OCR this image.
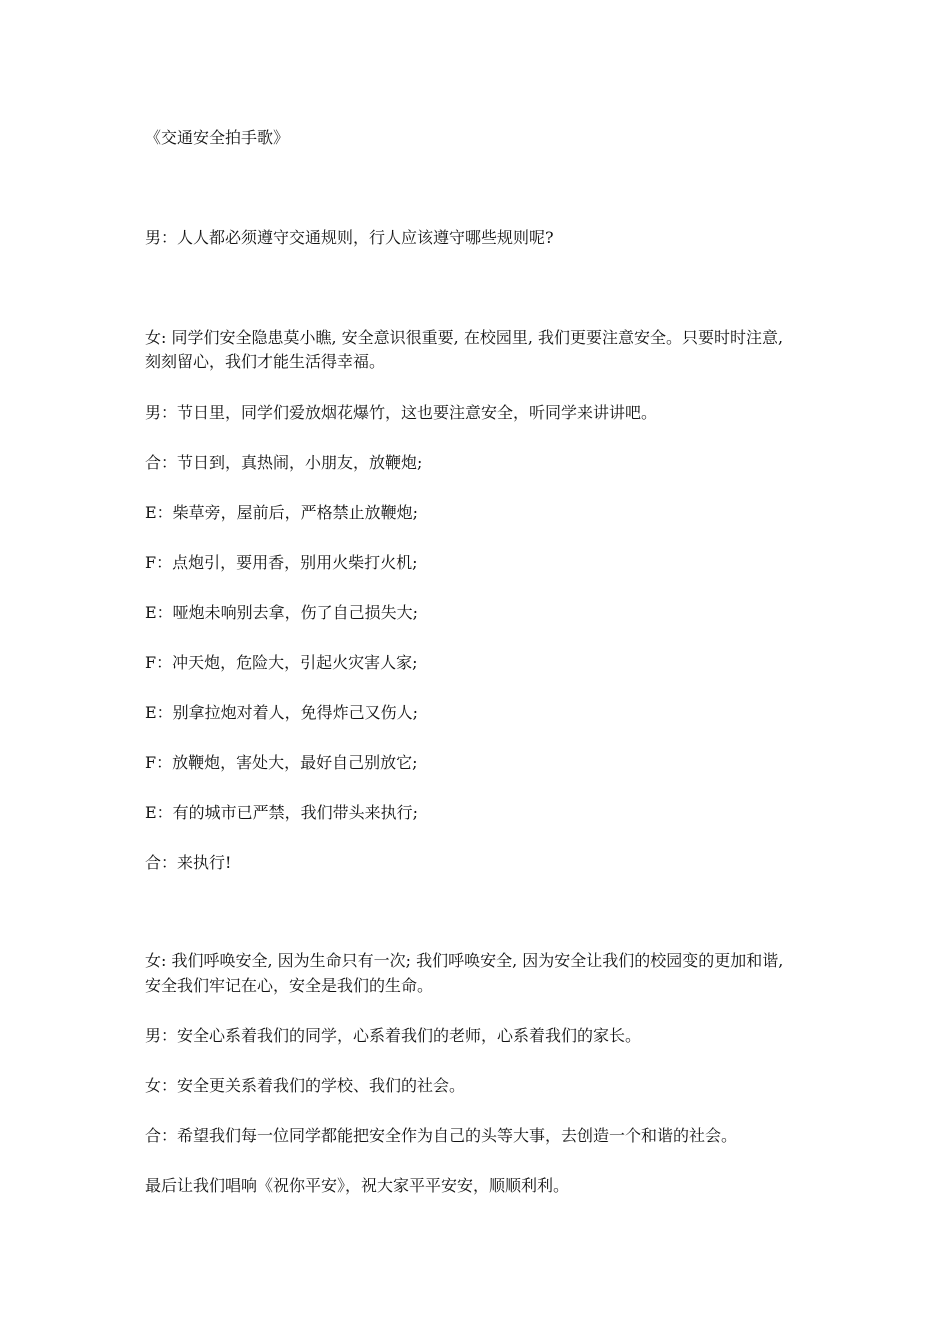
《交通安全拍手歌》
男：人人都必须遵守交通规则，行人应该遵守哪些规则呢?
女: 同学们安全隐患莫小瞧, 安全意识很重要, 在校园里, 我们更要注意安全。只要时时注意,
刻刻留心，我们才能生活得幸福。
男：节日里，同学们爱放烟花爆竹，这也要注意安全，听同学来讲讲吧。
合：节日到，真热闹，小朋友，放鞭炮;
E：柴草旁，屋前后，严格禁止放鞭炮;
F：点炮引，要用香，别用火柴打火机;
E：哑炮未响别去拿，伤了自己损失大;
F：冲天炮，危险大，引起火灾害人家;
E：别拿拉炮对着人，免得炸己又伤人;
F：放鞭炮，害处大，最好自己别放它;
E：有的城市已严禁，我们带头来执行;
合：来执行!
女: 我们呼唤安全, 因为生命只有一次; 我们呼唤安全, 因为安全让我们的校园变的更加和谐,
安全我们牢记在心，安全是我们的生命。
男：安全心系着我们的同学，心系着我们的老师，心系着我们的家长。
女：安全更关系着我们的学校、我们的社会。
合：希望我们每一位同学都能把安全作为自己的头等大事，去创造一个和谐的社会。
最后让我们唱响《祝你平安》，祝大家平平安安，顺顺利利。
